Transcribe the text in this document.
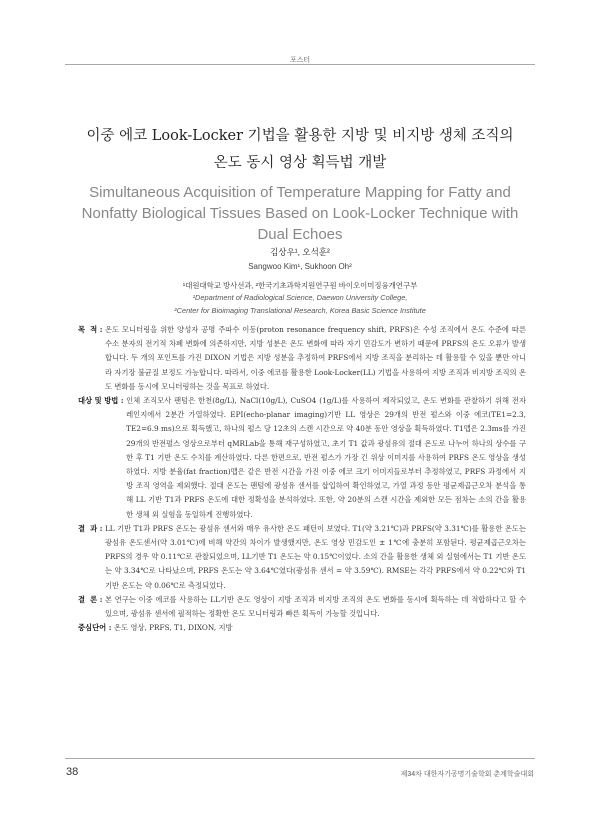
포스터
이중 에코 Look-Locker 기법을 활용한 지방 및 비지방 생체 조직의
온도 동시 영상 획득법 개발
Simultaneous Acquisition of Temperature Mapping for Fatty and Nonfatty Biological Tissues Based on Look-Locker Technique with Dual Echoes
김상우¹, 오석훈²
Sangwoo Kim¹, Sukhoon Oh²
¹대원대학교 방사선과, ²한국기초과학지원연구원 바이오이미징융개연구부
¹Department of Radiological Science, Daewon University College,
²Center for Bioimaging Translational Research, Korea Basic Science Institute
목  적 : 온도 모니터링을 위한 양성자 공명 주파수 이동(proton resonance frequency shift, PRFS)은 수성 조직에서 온도 수준에 따른 수소 분자의 전기적 차폐 변화에 의존하지만, 지방 성분은 온도 변화에 따라 자기 민감도가 변하기 때문에 PRFS의 온도 오류가 발생합니다. 두 개의 포인트를 가진 DIXON 기법은 지방 성분을 추정하여 PRFS에서 지방 조직을 분리하는 데 활용할 수 있을 뿐만 아니라 자기장 불균질 보정도 가능합니다. 따라서, 이중 에코를 활용한 Look-Locker(LL) 기법을 사용하여 지방 조직과 비지방 조직의 온도 변화를 동시에 모니터링하는 것을 목표로 하였다.
대상 및 방법 : 인체 조직모사 팬텀은 한천(8g/L), NaCl(10g/L), CuSO4 (1g/L)를 사용하여 제작되었고, 온도 변화를 관찰하기 위해 전자레인지에서 2분간 가열하였다. EPI(echo-planar imaging)기반 LL 영상은 29개의 반전 펄스와 이중 에코(TE1=2.3, TE2=6.9 ms)으로 획득했고, 하나의 펄스 당 12초의 스캔 시간으로 약 40분 동안 영상을 획득하였다. T1맵은 2.3ms를 가진 29개의 반전펄스 영상으로부터 qMRLab을 통해 재구성하였고, 초기 T1 값과 광섬유의 절대 온도로 나누어 하나의 상수를 구한 후 T1 기반 온도 수치를 계산하였다. 다른 한편으로, 반전 펄스가 가장 긴 위상 이미지를 사용하여 PRFS 온도 영상을 생성하였다. 지방 분율(fat fraction)맵은 같은 반전 시간을 가진 이중 에코 크기 이미지들로부터 추정하였고, PRFS 과정에서 지방 조직 영역을 제외했다. 절대 온도는 팬텀에 광섬유 센서를 삽입하여 확인하였고, 가열 과정 동안 평균제곱근오차 분석을 통해 LL 기반 T1과 PRFS 온도에 대한 정확성을 분석하였다. 또한, 약 20분의 스캔 시간을 제외한 모든 점차는 소의 간을 활용한 생체 외 실험을 동일하게 진행하였다.
결  과 : LL 기반 T1과 PRFS 온도는 광섬유 센서와 매우 유사한 온도 패턴이 보였다. T1(약 3.21℃)과 PRFS(약 3.31℃)를 활용한 온도는 광섬유 온도센서(약 3.01℃)에 비해 약간의 차이가 발생했지만, 온도 영상 민감도인 ± 1℃에 충분히 포함된다. 평균제곱근오차는 PRFS의 경우 약 0.11℃로 관찰되었으며, LL기반 T1 온도는 약 0.15℃이었다. 소의 간을 활용한 생체 외 실험에서는 T1 기반 온도는 약 3.34℃로 나타났으며, PRFS 온도는 약 3.64℃였다(광섬유 센서 = 약 3.59℃). RMSE는 각각 PRFS에서 약 0.22℃와 T1 기반 온도는 약 0.06℃로 측정되었다.
결  론 : 본 연구는 이중 에코를 사용하는 LL기반 온도 영상이 지방 조직과 비지방 조직의 온도 변화를 동시에 획득하는 데 적합하다고 할 수 있으며, 광섬유 센서에 필적하는 정확한 온도 모니터링과 빠른 획득이 가능할 것입니다.
중심단어 : 온도 영상, PRFS, T1, DIXON, 지방
38	제34차 대한자기공명기술학회 춘계학술대회
